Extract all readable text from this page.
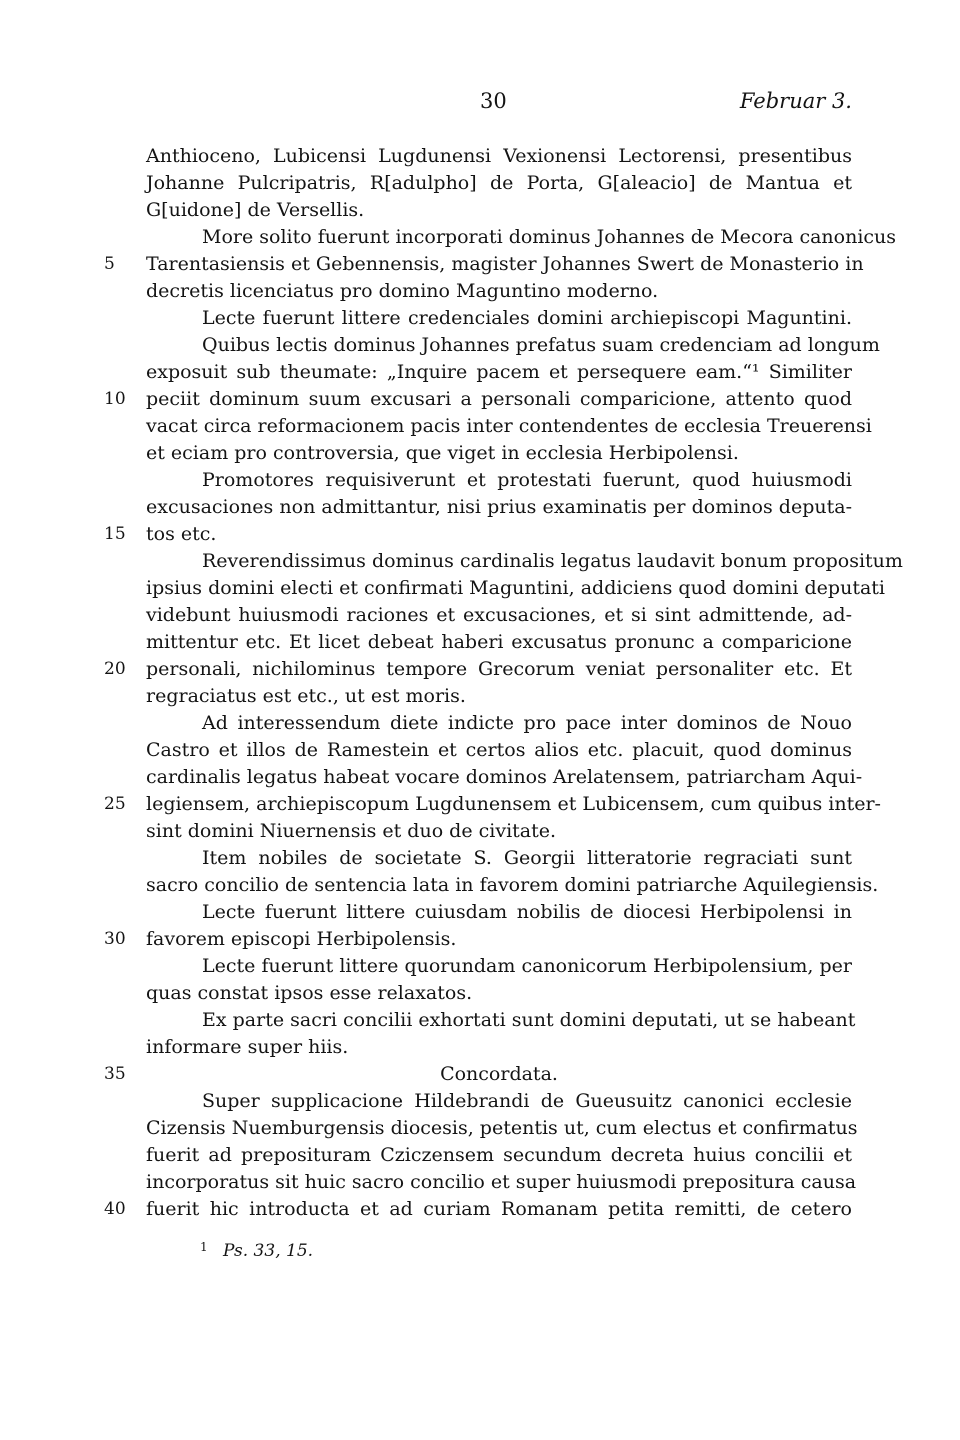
30	Februar 3.
Anthioceno, Lubicensi Lugdunensi Vexionensi Lectorensi, presentibus
Johanne Pulcripatris, R[adulpho] de Porta, G[aleacio] de Mantua et
G[uidone] de Versellis.
More solito fuerunt incorporati dominus Johannes de Mecora canonicus
5 Tarentasiensis et Gebennensis, magister Johannes Swert de Monasterio in
decretis licenciatus pro domino Maguntino moderno.
Lecte fuerunt littere credenciales domini archiepiscopi Maguntini.
Quibus lectis dominus Johannes prefatus suam credenciam ad longum
exposuit sub theumate: „Inquire pacem et persequere eam.“¹ Similiter
10 peciit dominum suum excusari a personali comparicione, attento quod
vacat circa reformacionem pacis inter contendentes de ecclesia Treuerensi
et eciam pro controversia, que viget in ecclesia Herbipolensi.
Promotores requisiverunt et protestati fuerunt, quod huiusmodi
excusaciones non admittantur, nisi prius examinatis per dominos deputa-
15 tos etc.
Reverendissimus dominus cardinalis legatus laudavit bonum propositum
ipsius domini electi et confirmati Maguntini, addiciens quod domini deputati
videbunt huiusmodi raciones et excusaciones, et si sint admittende, ad-
mittentur etc. Et licet debeat haberi excusatus pronunc a comparicione
20 personali, nichilominus tempore Grecorum veniat personaliter etc. Et
regraciatus est etc., ut est moris.
Ad interessendum diete indicte pro pace inter dominos de Nouo
Castro et illos de Ramestein et certos alios etc. placuit, quod dominus
cardinalis legatus habeat vocare dominos Arelatensem, patriarcham Aqui-
25 legiensem, archiepiscopum Lugdunensem et Lubicensem, cum quibus inter-
sint domini Niuernensis et duo de civitate.
Item nobiles de societate S. Georgii litteratorie regraciati sunt
sacro concilio de sentencia lata in favorem domini patriarche Aquilegiensis.
Lecte fuerunt littere cuiusdam nobilis de diocesi Herbipolensi in
30 favorem episcopi Herbipolensis.
Lecte fuerunt littere quorundam canonicorum Herbipolensium, per
quas constat ipsos esse relaxatos.
Ex parte sacri concilii exhortati sunt domini deputati, ut se habeant
informare super hiis.
35	Concordata.
Super supplicacione Hildebrandi de Gueusuitz canonici ecclesie
Cizensis Nuemburgensis diocesis, petentis ut, cum electus et confirmatus
fuerit ad preposituram Cziczensem secundum decreta huius concilii et
incorporatus sit huic sacro concilio et super huiusmodi prepositura causa
40 fuerit hic introducta et ad curiam Romanam petita remitti, de cetero
$^1$ Ps. 33, 15.
